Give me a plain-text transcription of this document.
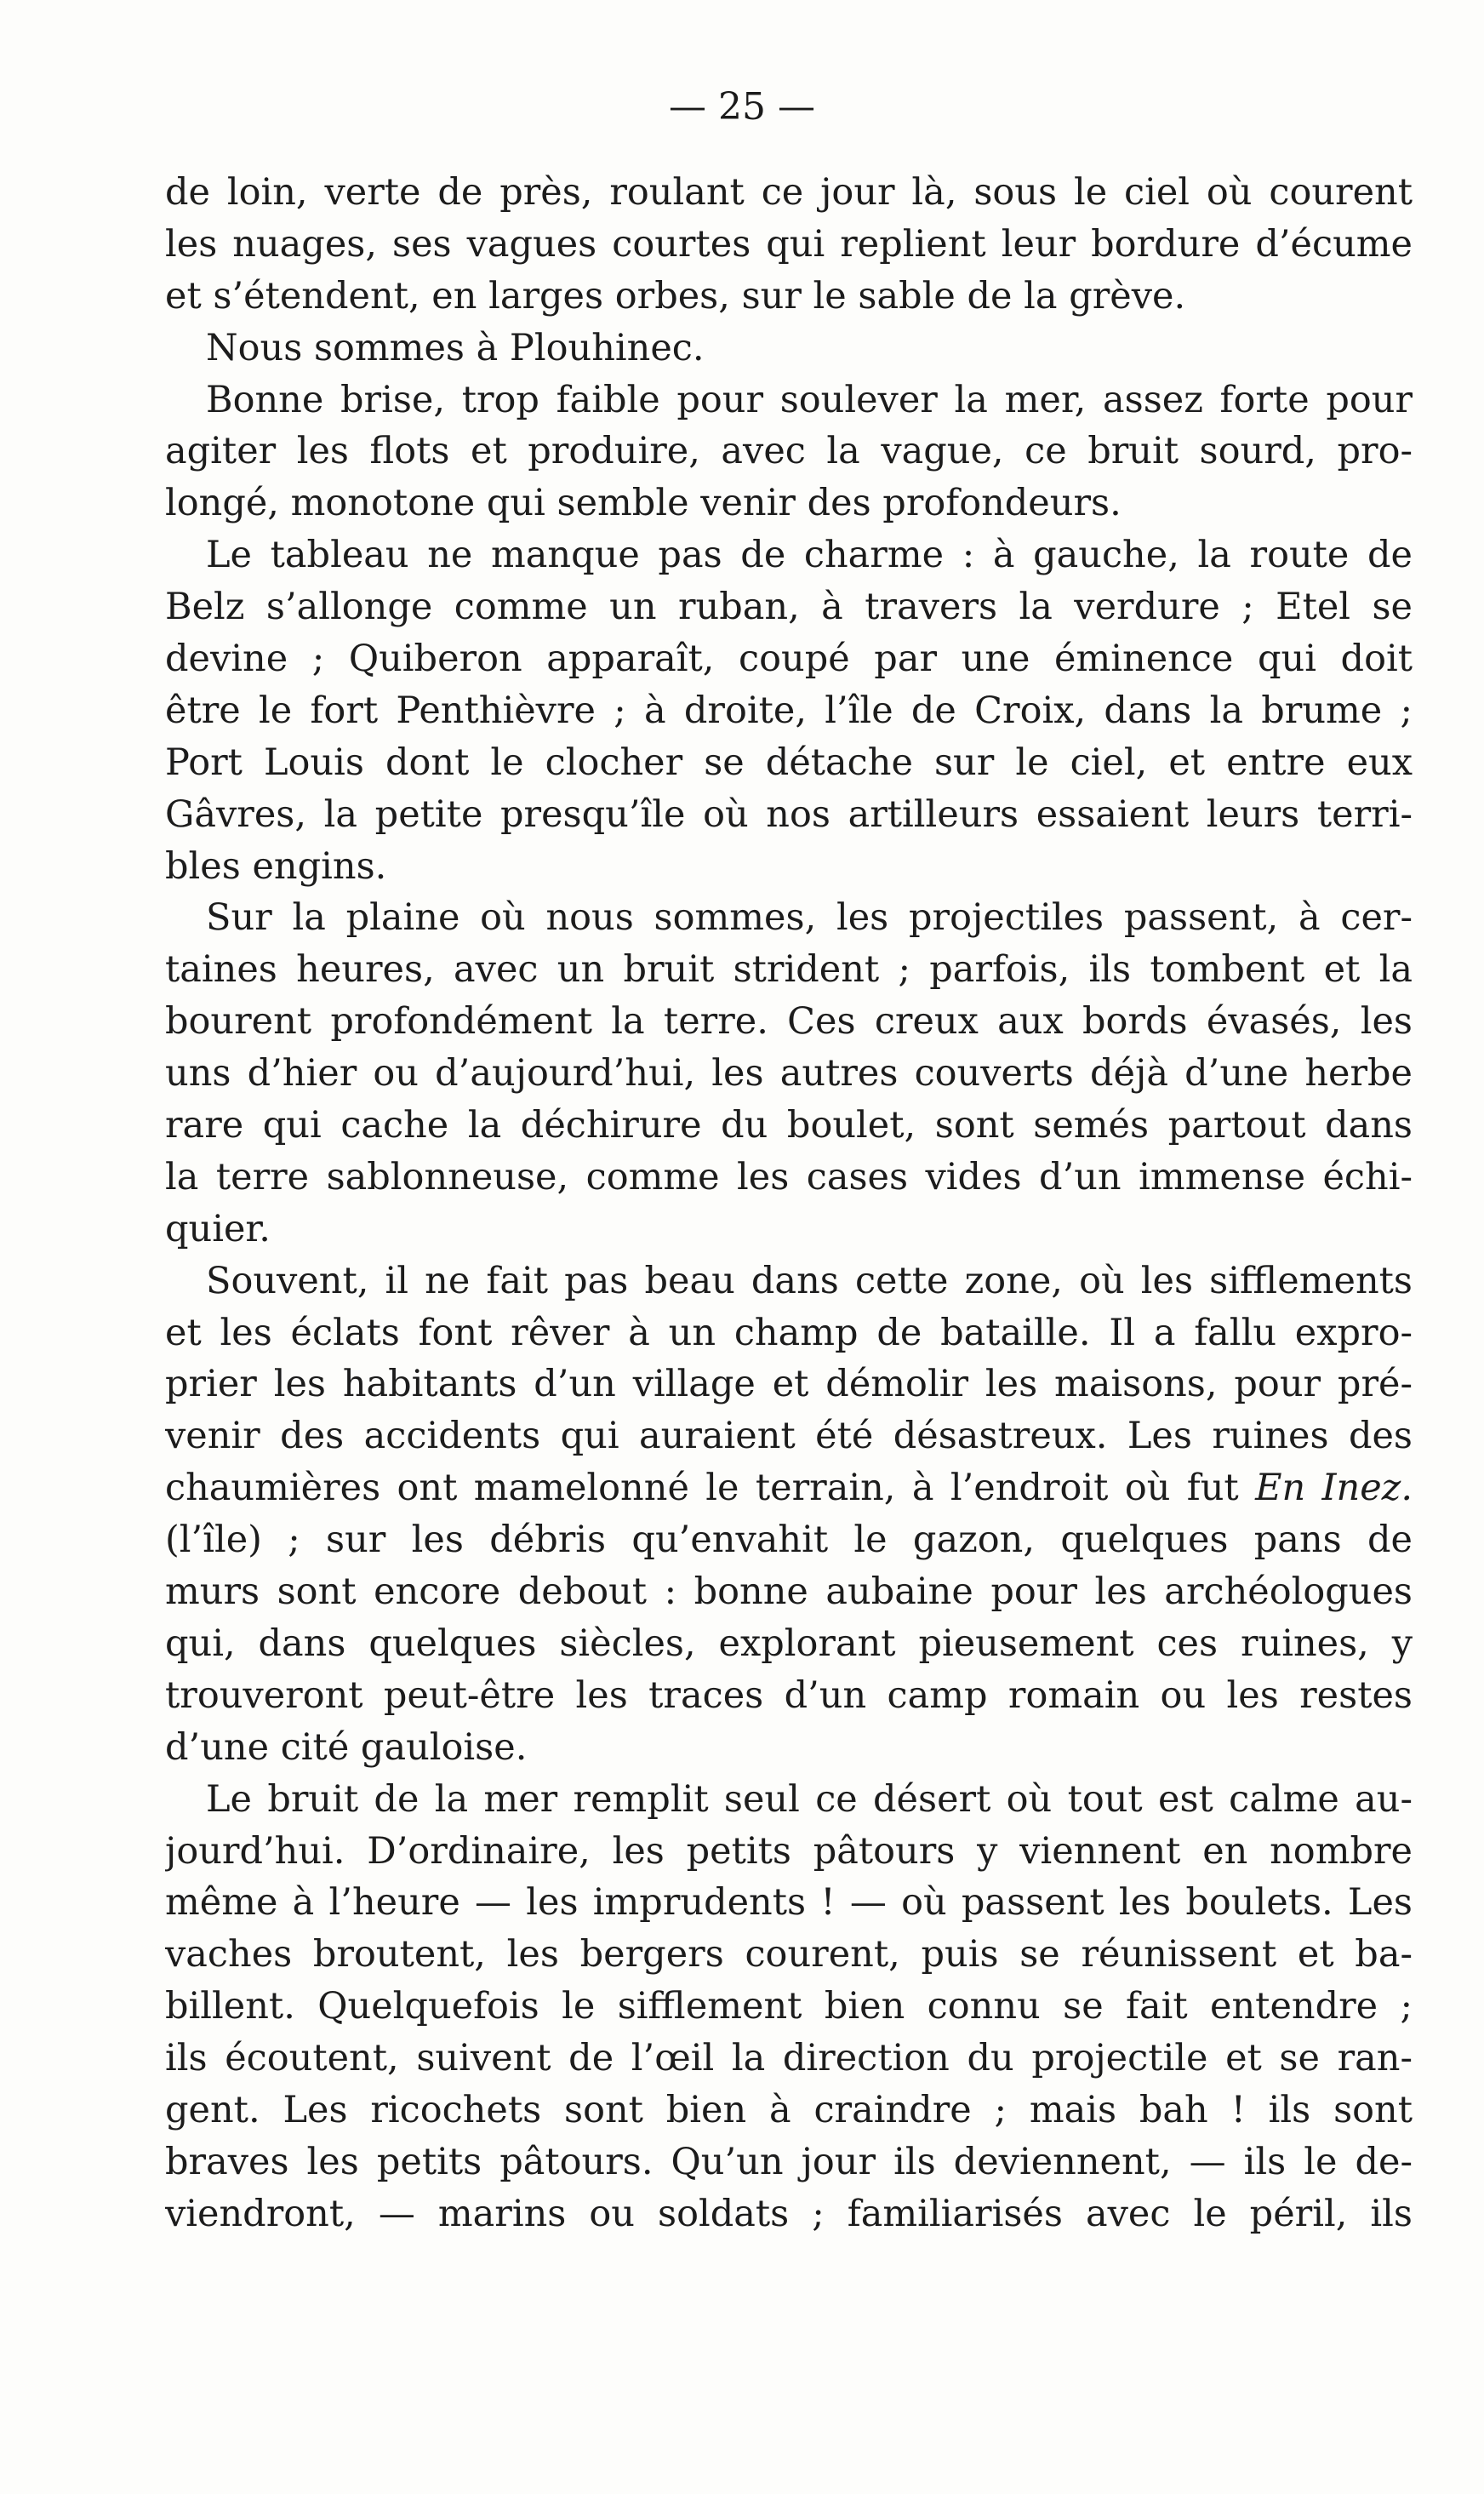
— 25 —
de loin, verte de près, roulant ce jour là, sous le ciel où courent
les nuages, ses vagues courtes qui replient leur bordure d’écume
et s’étendent, en larges orbes, sur le sable de la grève.
Nous sommes à Plouhinec.
Bonne brise, trop faible pour soulever la mer, assez forte pour
agiter les flots et produire, avec la vague, ce bruit sourd, pro-
longé, monotone qui semble venir des profondeurs.
Le tableau ne manque pas de charme : à gauche, la route de
Belz s’allonge comme un ruban, à travers la verdure ; Etel se
devine ; Quiberon apparaît, coupé par une éminence qui doit
être le fort Penthièvre ; à droite, l’île de Croix, dans la brume ;
Port Louis dont le clocher se détache sur le ciel, et entre eux
Gâvres, la petite presqu’île où nos artilleurs essaient leurs terri-
bles engins.
Sur la plaine où nous sommes, les projectiles passent, à cer-
taines heures, avec un bruit strident ; parfois, ils tombent et la
bourent profondément la terre. Ces creux aux bords évasés, les
uns d’hier ou d’aujourd’hui, les autres couverts déjà d’une herbe
rare qui cache la déchirure du boulet, sont semés partout dans
la terre sablonneuse, comme les cases vides d’un immense échi-
quier.
Souvent, il ne fait pas beau dans cette zone, où les sifflements
et les éclats font rêver à un champ de bataille. Il a fallu expro-
prier les habitants d’un village et démolir les maisons, pour pré-
venir des accidents qui auraient été désastreux. Les ruines des
chaumières ont mamelonné le terrain, à l’endroit où fut En Inez.
(l’île) ; sur les débris qu’envahit le gazon, quelques pans de
murs sont encore debout : bonne aubaine pour les archéologues
qui, dans quelques siècles, explorant pieusement ces ruines, y
trouveront peut-être les traces d’un camp romain ou les restes
d’une cité gauloise.
Le bruit de la mer remplit seul ce désert où tout est calme au-
jourd’hui. D’ordinaire, les petits pâtours y viennent en nombre
même à l’heure — les imprudents ! — où passent les boulets. Les
vaches broutent, les bergers courent, puis se réunissent et ba-
billent. Quelquefois le sifflement bien connu se fait entendre ;
ils écoutent, suivent de l’œil la direction du projectile et se ran-
gent. Les ricochets sont bien à craindre ; mais bah ! ils sont
braves les petits pâtours. Qu’un jour ils deviennent, — ils le de-
viendront, — marins ou soldats ; familiarisés avec le péril, ils
